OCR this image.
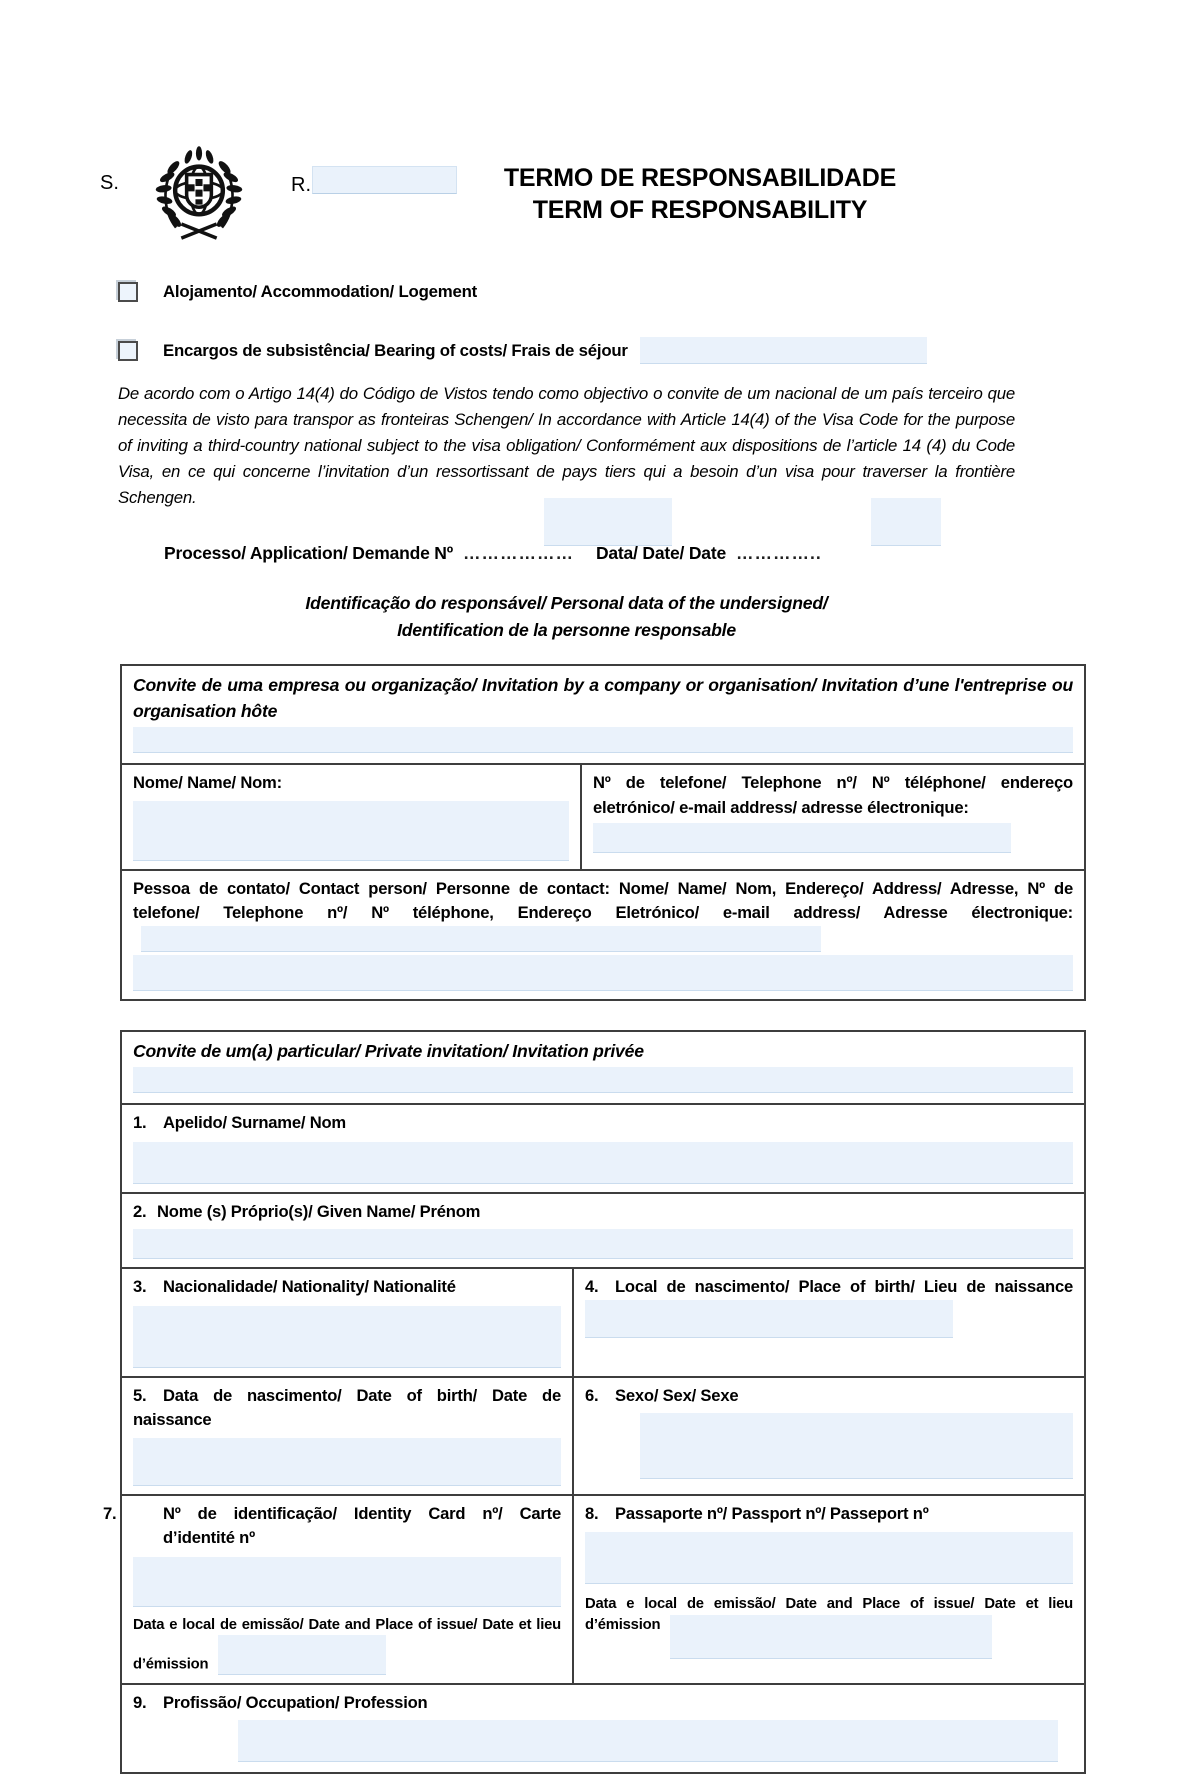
S.	R.	TERMO DE RESPONSABILIDADE
TERM OF RESPONSABILITY
Alojamento/ Accommodation/ Logement
Encargos de subsistência/ Bearing of costs/ Frais de séjour
De acordo com o Artigo 14(4) do Código de Vistos tendo como objectivo o convite de um nacional de um país terceiro que necessita de visto para transpor as fronteiras Schengen/ In accordance with Article 14(4) of the Visa Code for the purpose of inviting a third-country national subject to the visa obligation/ Conformément aux dispositions de l’article 14 (4) du Code Visa, en ce qui concerne l’invitation d’un ressortissant de pays tiers qui a besoin d’un visa pour traverser la frontière Schengen.
Processo/ Application/ Demande Nº ……………… Data/ Date/ Date …………..
Identificação do responsável/ Personal data of the undersigned/
Identification de la personne responsable
Convite de uma empresa ou organização/ Invitation by a company or organisation/ Invitation d’une l'entreprise ou organisation hôte
Nome/ Name/ Nom:	Nº de telefone/ Telephone nº/ Nº téléphone/ endereço eletrónico/ e-mail address/ adresse électronique:
Pessoa de contato/ Contact person/ Personne de contact: Nome/ Name/ Nom, Endereço/ Address/ Adresse, Nº de telefone/ Telephone nº/ Nº téléphone, Endereço Eletrónico/ e-mail address/ Adresse électronique:
Convite de um(a) particular/ Private invitation/ Invitation privée
1. Apelido/ Surname/ Nom
2. Nome (s) Próprio(s)/ Given Name/ Prénom
3. Nacionalidade/ Nationality/ Nationalité	4. Local de nascimento/ Place of birth/ Lieu de naissance
5. Data de nascimento/ Date of birth/ Date de naissance
6. Sexo/ Sex/ Sexe
7.	Nº de identificação/ Identity Card nº/ Carte d’identité nº
Data e local de emissão/ Date and Place of issue/ Date et lieu d’émission
8. Passaporte nº/ Passport nº/ Passeport nº
Data e local de emissão/ Date and Place of issue/ Date et lieu d’émission
9. Profissão/ Occupation/ Profession
